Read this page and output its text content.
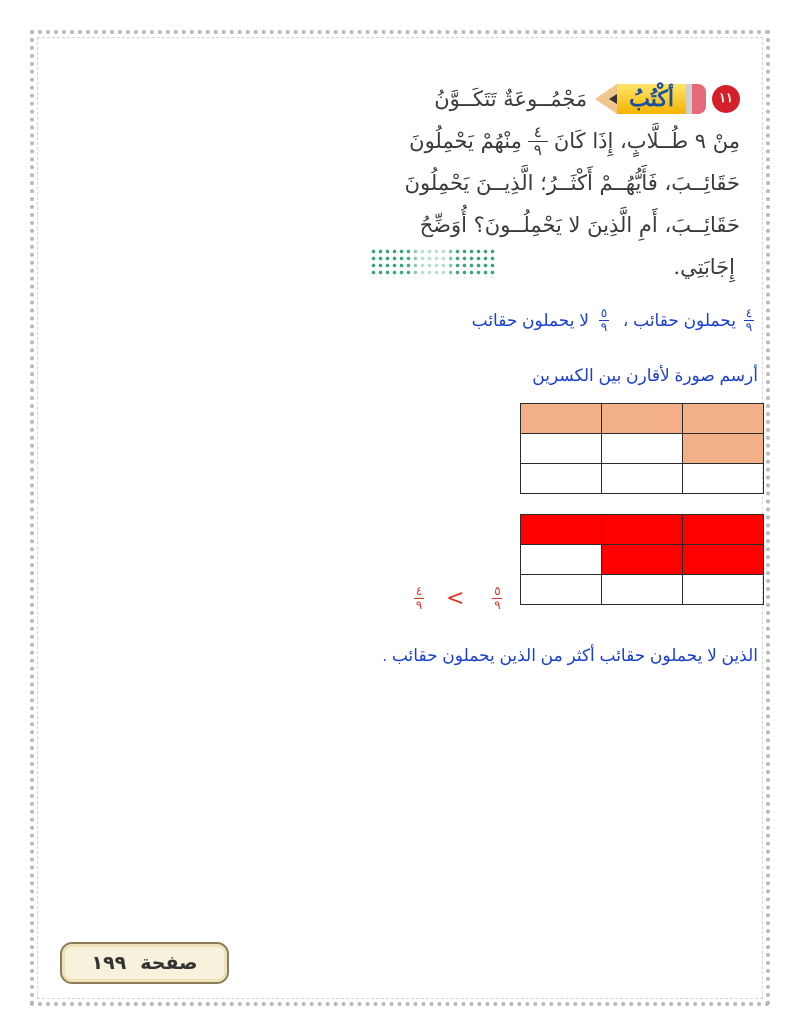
١١
أكْتُبُ
مَجْمُــوعَةٌ تَتَكَــوَّنُ
مِنْ ٩ طُــلَّابٍ، إِذَا كَانَ
$\frac{٤}{٩}$
مِنْهُمْ يَحْمِلُونَ
حَقَائِــبَ، فَأَيُّهُــمْ أَكْثَــرُ؛ الَّذِيــنَ يَحْمِلُونَ
حَقَائِــبَ، أَمِ الَّذِينَ لا يَحْمِلُــونَ؟ أُوَضِّحُ
إِجَابَتِي.
$\frac{٤}{٩}$
يحملون حقائب ،
$\frac{٥}{٩}$
لا يحملون حقائب
أرسم صورة لأقارن بين الكسرين

٤
٩ < ٥
٩
الذين لا يحملون حقائب أكثر من الذين يحملون حقائب .
صفحة
١٩٩
